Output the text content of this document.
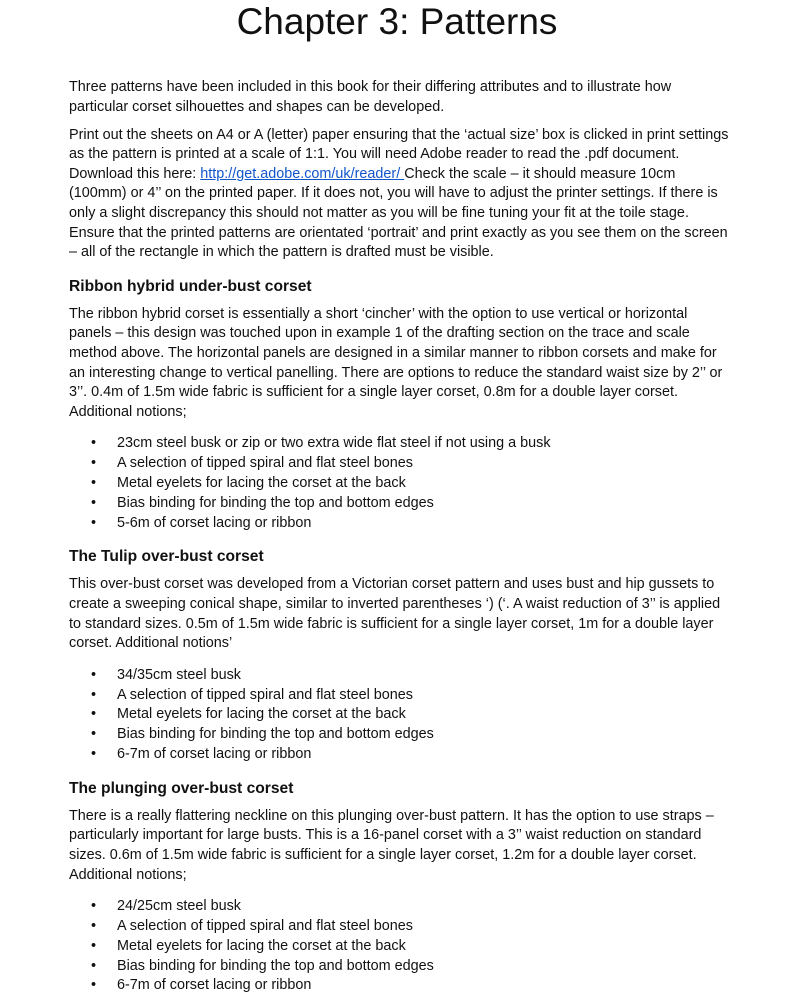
Chapter 3: Patterns

Three patterns have been included in this book for their differing attributes and to illustrate how particular corset silhouettes and shapes can be developed.

Print out the sheets on A4 or A (letter) paper ensuring that the ‘actual size’ box is clicked in print settings as the pattern is printed at a scale of 1:1. You will need Adobe reader to read the .pdf document. Download this here: http://get.adobe.com/uk/reader/ Check the scale – it should measure 10cm (100mm) or 4’’ on the printed paper. If it does not, you will have to adjust the printer settings. If there is only a slight discrepancy this should not matter as you will be fine tuning your fit at the toile stage. Ensure that the printed patterns are orientated ‘portrait’ and print exactly as you see them on the screen – all of the rectangle in which the pattern is drafted must be visible.

Ribbon hybrid under-bust corset

The ribbon hybrid corset is essentially a short ‘cincher’ with the option to use vertical or horizontal panels – this design was touched upon in example 1 of the drafting section on the trace and scale method above. The horizontal panels are designed in a similar manner to ribbon corsets and make for an interesting change to vertical panelling. There are options to reduce the standard waist size by 2’’ or 3’’. 0.4m of 1.5m wide fabric is sufficient for a single layer corset, 0.8m for a double layer corset. Additional notions;

• 23cm steel busk or zip or two extra wide flat steel if not using a busk
• A selection of tipped spiral and flat steel bones
• Metal eyelets for lacing the corset at the back
• Bias binding for binding the top and bottom edges
• 5-6m of corset lacing or ribbon
The Tulip over-bust corset

This over-bust corset was developed from a Victorian corset pattern and uses bust and hip gussets to create a sweeping conical shape, similar to inverted parentheses ‘) (‘. A waist reduction of 3’’ is applied to standard sizes. 0.5m of 1.5m wide fabric is sufficient for a single layer corset, 1m for a double layer corset. Additional notions’

• 34/35cm steel busk
• A selection of tipped spiral and flat steel bones
• Metal eyelets for lacing the corset at the back
• Bias binding for binding the top and bottom edges
• 6-7m of corset lacing or ribbon
The plunging over-bust corset

There is a really flattering neckline on this plunging over-bust pattern. It has the option to use straps – particularly important for large busts. This is a 16-panel corset with a 3’’ waist reduction on standard sizes. 0.6m of 1.5m wide fabric is sufficient for a single layer corset, 1.2m for a double layer corset. Additional notions;

• 24/25cm steel busk
• A selection of tipped spiral and flat steel bones
• Metal eyelets for lacing the corset at the back
• Bias binding for binding the top and bottom edges
• 6-7m of corset lacing or ribbon
